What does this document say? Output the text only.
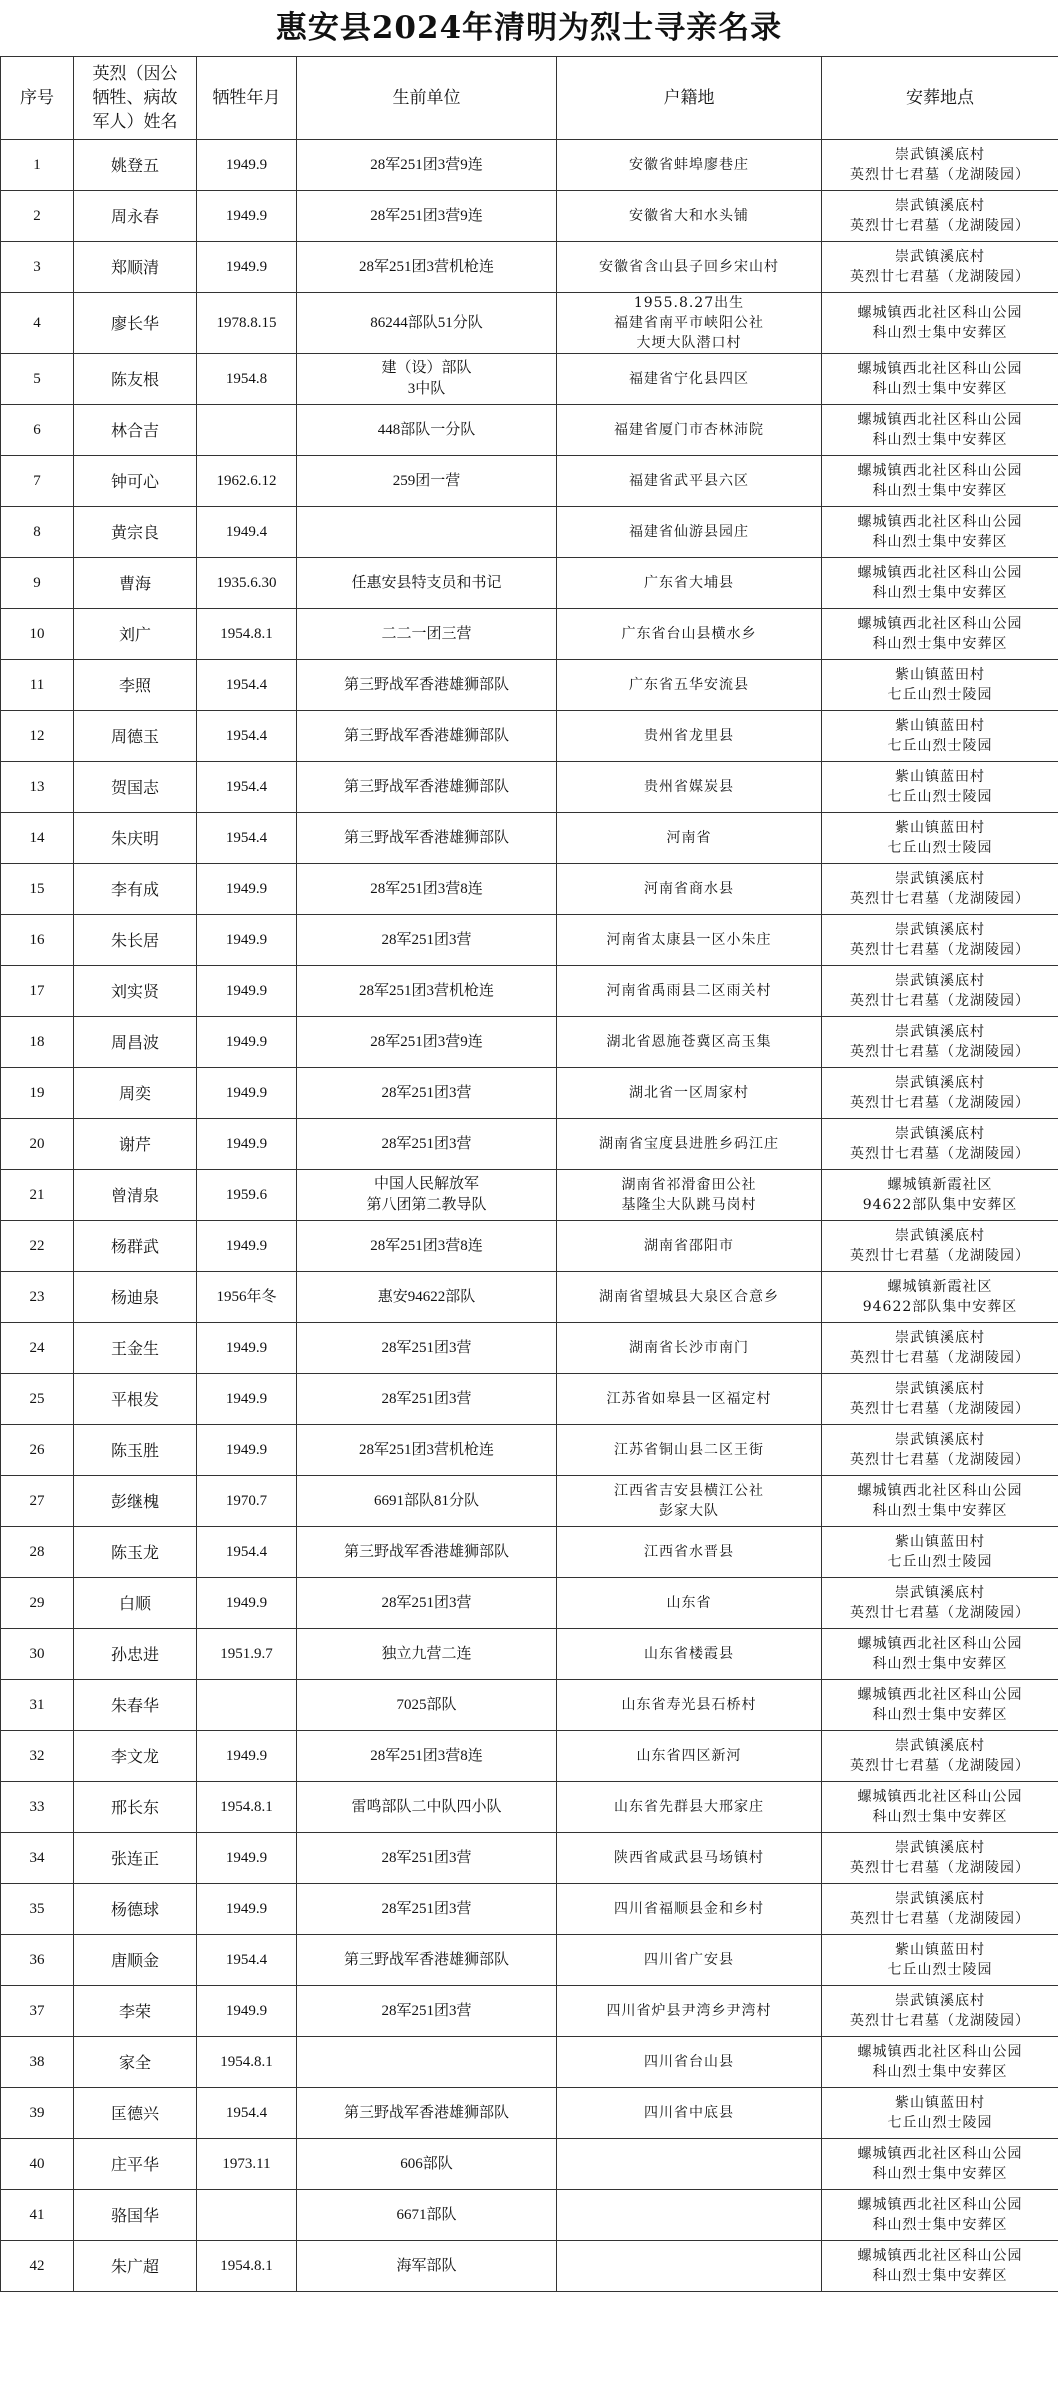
惠安县2024年清明为烈士寻亲名录
序号	英烈（因公
牺牲、病故
军人）姓名	牺牲年月	生前单位	户籍地	安葬地点
1	姚登五	1949.9	28军251团3营9连	安徽省蚌埠廖巷庄	崇武镇溪底村
英烈廿七君墓（龙湖陵园）

2	周永春	1949.9	28军251团3营9连	安徽省大和水头铺	崇武镇溪底村
英烈廿七君墓（龙湖陵园）

3	郑顺清	1949.9	28军251团3营机枪连	安徽省含山县子回乡宋山村	崇武镇溪底村
英烈廿七君墓（龙湖陵园）

4	廖长华	1978.8.15	86244部队51分队	1955.8.27出生
福建省南平市峡阳公社
大埂大队潜口村	螺城镇西北社区科山公园
科山烈士集中安葬区

5	陈友根	1954.8	建（设）部队
3中队	福建省宁化县四区	螺城镇西北社区科山公园
科山烈士集中安葬区

6	林合吉		448部队一分队	福建省厦门市杏林沛院	螺城镇西北社区科山公园
科山烈士集中安葬区

7	钟可心	1962.6.12	259团一营	福建省武平县六区	螺城镇西北社区科山公园
科山烈士集中安葬区

8	黄宗良	1949.4		福建省仙游县园庄	螺城镇西北社区科山公园
科山烈士集中安葬区

9	曹海	1935.6.30	任惠安县特支员和书记	广东省大埔县	螺城镇西北社区科山公园
科山烈士集中安葬区

10	刘广	1954.8.1	二二一团三营	广东省台山县横水乡	螺城镇西北社区科山公园
科山烈士集中安葬区

11	李照	1954.4	第三野战军香港雄狮部队	广东省五华安流县	紫山镇蓝田村
七丘山烈士陵园

12	周德玉	1954.4	第三野战军香港雄狮部队	贵州省龙里县	紫山镇蓝田村
七丘山烈士陵园

13	贺国志	1954.4	第三野战军香港雄狮部队	贵州省媒炭县	紫山镇蓝田村
七丘山烈士陵园

14	朱庆明	1954.4	第三野战军香港雄狮部队	河南省	紫山镇蓝田村
七丘山烈士陵园

15	李有成	1949.9	28军251团3营8连	河南省商水县	崇武镇溪底村
英烈廿七君墓（龙湖陵园）

16	朱长居	1949.9	28军251团3营	河南省太康县一区小朱庄	崇武镇溪底村
英烈廿七君墓（龙湖陵园）

17	刘实贤	1949.9	28军251团3营机枪连	河南省禹雨县二区雨关村	崇武镇溪底村
英烈廿七君墓（龙湖陵园）

18	周昌波	1949.9	28军251团3营9连	湖北省恩施苍冀区高玉集	崇武镇溪底村
英烈廿七君墓（龙湖陵园）

19	周奕	1949.9	28军251团3营	湖北省一区周家村	崇武镇溪底村
英烈廿七君墓（龙湖陵园）

20	谢芹	1949.9	28军251团3营	湖南省宝度县进胜乡码江庄	崇武镇溪底村
英烈廿七君墓（龙湖陵园）

21	曾清泉	1959.6	中国人民解放军
第八团第二教导队	湖南省祁滑畲田公社
基隆尘大队跳马岗村	螺城镇新霞社区
94622部队集中安葬区

22	杨群武	1949.9	28军251团3营8连	湖南省邵阳市	崇武镇溪底村
英烈廿七君墓（龙湖陵园）

23	杨迪泉	1956年冬	惠安94622部队	湖南省望城县大泉区合意乡	螺城镇新霞社区
94622部队集中安葬区

24	王金生	1949.9	28军251团3营	湖南省长沙市南门	崇武镇溪底村
英烈廿七君墓（龙湖陵园）

25	平根发	1949.9	28军251团3营	江苏省如皋县一区福定村	崇武镇溪底村
英烈廿七君墓（龙湖陵园）

26	陈玉胜	1949.9	28军251团3营机枪连	江苏省铜山县二区王街	崇武镇溪底村
英烈廿七君墓（龙湖陵园）

27	彭继槐	1970.7	6691部队81分队	江西省吉安县横江公社
彭家大队	螺城镇西北社区科山公园
科山烈士集中安葬区

28	陈玉龙	1954.4	第三野战军香港雄狮部队	江西省水晋县	紫山镇蓝田村
七丘山烈士陵园

29	白顺	1949.9	28军251团3营	山东省	崇武镇溪底村
英烈廿七君墓（龙湖陵园）

30	孙忠进	1951.9.7	独立九营二连	山东省楼霞县	螺城镇西北社区科山公园
科山烈士集中安葬区

31	朱春华		7025部队	山东省寿光县石桥村	螺城镇西北社区科山公园
科山烈士集中安葬区

32	李文龙	1949.9	28军251团3营8连	山东省四区新河	崇武镇溪底村
英烈廿七君墓（龙湖陵园）

33	邢长东	1954.8.1	雷鸣部队二中队四小队	山东省先群县大邢家庄	螺城镇西北社区科山公园
科山烈士集中安葬区

34	张连正	1949.9	28军251团3营	陕西省咸武县马场镇村	崇武镇溪底村
英烈廿七君墓（龙湖陵园）

35	杨德球	1949.9	28军251团3营	四川省福顺县金和乡村	崇武镇溪底村
英烈廿七君墓（龙湖陵园）

36	唐顺金	1954.4	第三野战军香港雄狮部队	四川省广安县	紫山镇蓝田村
七丘山烈士陵园

37	李荣	1949.9	28军251团3营	四川省炉县尹湾乡尹湾村	崇武镇溪底村
英烈廿七君墓（龙湖陵园）

38	家全	1954.8.1		四川省台山县	螺城镇西北社区科山公园
科山烈士集中安葬区

39	匡德兴	1954.4	第三野战军香港雄狮部队	四川省中底县	紫山镇蓝田村
七丘山烈士陵园

40	庄平华	1973.11	606部队		螺城镇西北社区科山公园
科山烈士集中安葬区

41	骆国华		6671部队		螺城镇西北社区科山公园
科山烈士集中安葬区

42	朱广超	1954.8.1	海军部队		螺城镇西北社区科山公园
科山烈士集中安葬区
